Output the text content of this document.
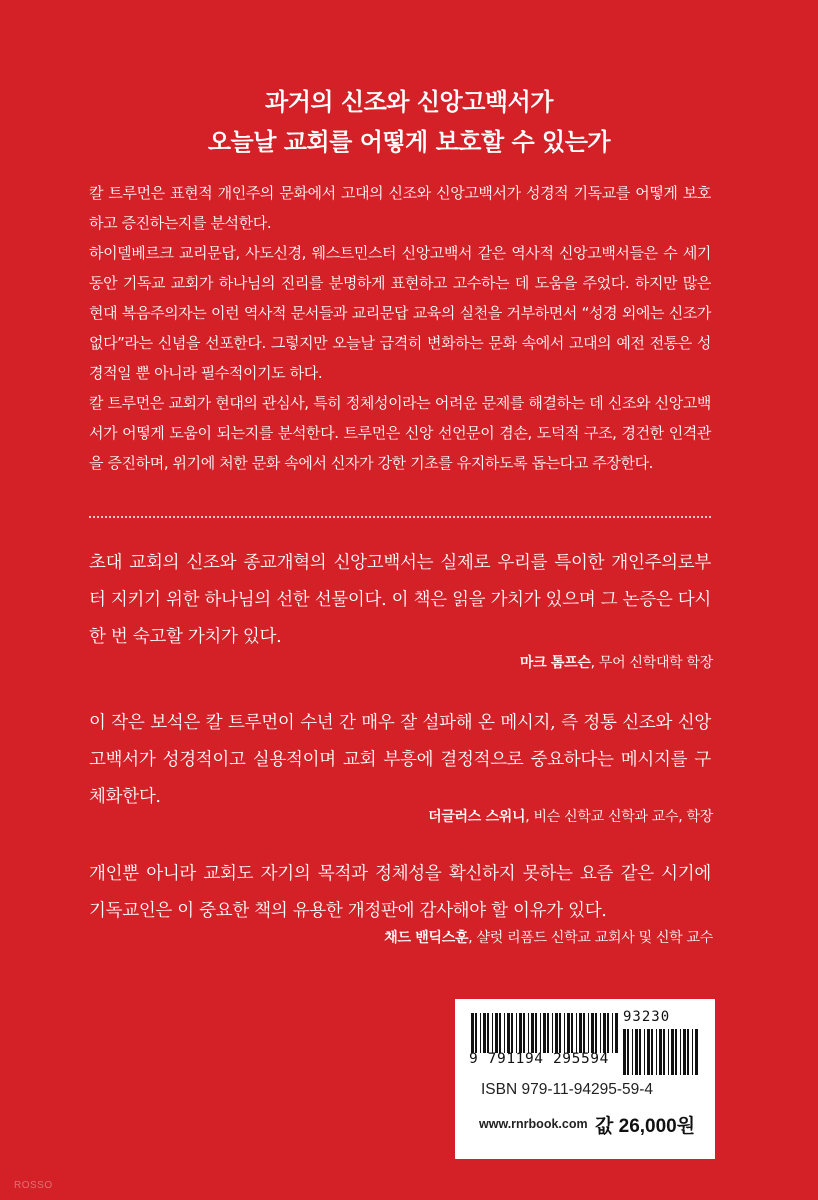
과거의 신조와 신앙고백서가
오늘날 교회를 어떻게 보호할 수 있는가

칼 트루먼은 표현적 개인주의 문화에서 고대의 신조와 신앙고백서가 성경적 기독교를 어떻게 보호하고 증진하는지를 분석한다.

하이델베르크 교리문답, 사도신경, 웨스트민스터 신앙고백서 같은 역사적 신앙고백서들은 수 세기 동안 기독교 교회가 하나님의 진리를 분명하게 표현하고 고수하는 데 도움을 주었다. 하지만 많은 현대 복음주의자는 이런 역사적 문서들과 교리문답 교육의 실천을 거부하면서 “성경 외에는 신조가 없다”라는 신념을 선포한다. 그렇지만 오늘날 급격히 변화하는 문화 속에서 고대의 예전 전통은 성경적일 뿐 아니라 필수적이기도 하다.

칼 트루먼은 교회가 현대의 관심사, 특히 정체성이라는 어려운 문제를 해결하는 데 신조와 신앙고백서가 어떻게 도움이 되는지를 분석한다. 트루먼은 신앙 선언문이 겸손, 도덕적 구조, 경건한 인격관을 증진하며, 위기에 처한 문화 속에서 신자가 강한 기초를 유지하도록 돕는다고 주장한다.

초대 교회의 신조와 종교개혁의 신앙고백서는 실제로 우리를 특이한 개인주의로부터 지키기 위한 하나님의 선한 선물이다. 이 책은 읽을 가치가 있으며 그 논증은 다시 한 번 숙고할 가치가 있다.

마크 톰프슨, 무어 신학대학 학장

이 작은 보석은 칼 트루먼이 수년 간 매우 잘 설파해 온 메시지, 즉 정통 신조와 신앙고백서가 성경적이고 실용적이며 교회 부흥에 결정적으로 중요하다는 메시지를 구체화한다.

더글러스 스위니, 비슨 신학교 신학과 교수, 학장

개인뿐 아니라 교회도 자기의 목적과 정체성을 확신하지 못하는 요즘 같은 시기에 기독교인은 이 중요한 책의 유용한 개정판에 감사해야 할 이유가 있다.

채드 밴딕스훈, 샬럿 리폼드 신학교 교회사 및 신학 교수
93230
9 791194 295594
ISBN 979-11-94295-59-4
www.rnrbook.com 값 26,000원
ROSSO
